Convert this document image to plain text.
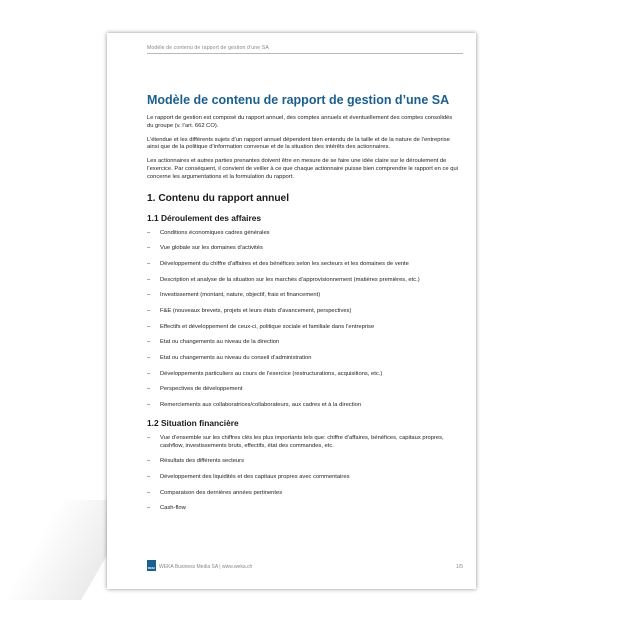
Modèle de contenu de rapport de gestion d’une SA
Modèle de contenu de rapport de gestion d’une SA

Le rapport de gestion est composé du rapport annuel, des comptes annuels et éventuellement des comptes consolidés du groupe (v. l’art. 662 CO).

L’étendue et les différents sujets d’un rapport annuel dépendent bien entendu de la taille et de la nature de l’entreprise ainsi que de la politique d’information convenue et de la situation des intérêts des actionnaires.

Les actionnaires et autres parties prenantes doivent être en mesure de se faire une idée claire sur le déroulement de l’exercice. Par conséquent, il convient de veiller à ce que chaque actionnaire puisse bien comprendre le rapport en ce qui concerne les argumentations et la formulation du rapport.

1. Contenu du rapport annuel
1.1 Déroulement des affaires
– Conditions économiques cadres générales
– Vue globale sur les domaines d’activités
– Développement du chiffre d’affaires et des bénéfices selon les secteurs et les domaines de vente
– Description et analyse de la situation sur les marchés d’approvisionnement (matières premières, etc.)
– Investissement (montant, nature, objectif, frais et financement)
– F&E (nouveaux brevets, projets et leurs états d’avancement, perspectives)
– Effectifs et développement de ceux-ci, politique sociale et familiale dans l’entreprise
– Etat ou changements au niveau de la direction
– Etat ou changements au niveau du conseil d’administration
– Développements particuliers au cours de l’exercice (restructurations, acquisitions, etc.)
– Perspectives de développement
– Remerciements aux collaboratrices/collaborateurs, aux cadres et à la direction
1.2 Situation financière
– Vue d’ensemble sur les chiffres clés les plus importants tels que: chiffre d’affaires, bénéfices, capitaux propres, cashflow, investissements bruts, effectifs, état des commandes, etc.
– Résultats des différents secteurs
– Développement des liquidités et des capitaux propres avec commentaires
– Comparaison des dernières années pertinentes
– Cash-flow
WEKA WEKA Business Media SA | www.weka.ch	1/5
